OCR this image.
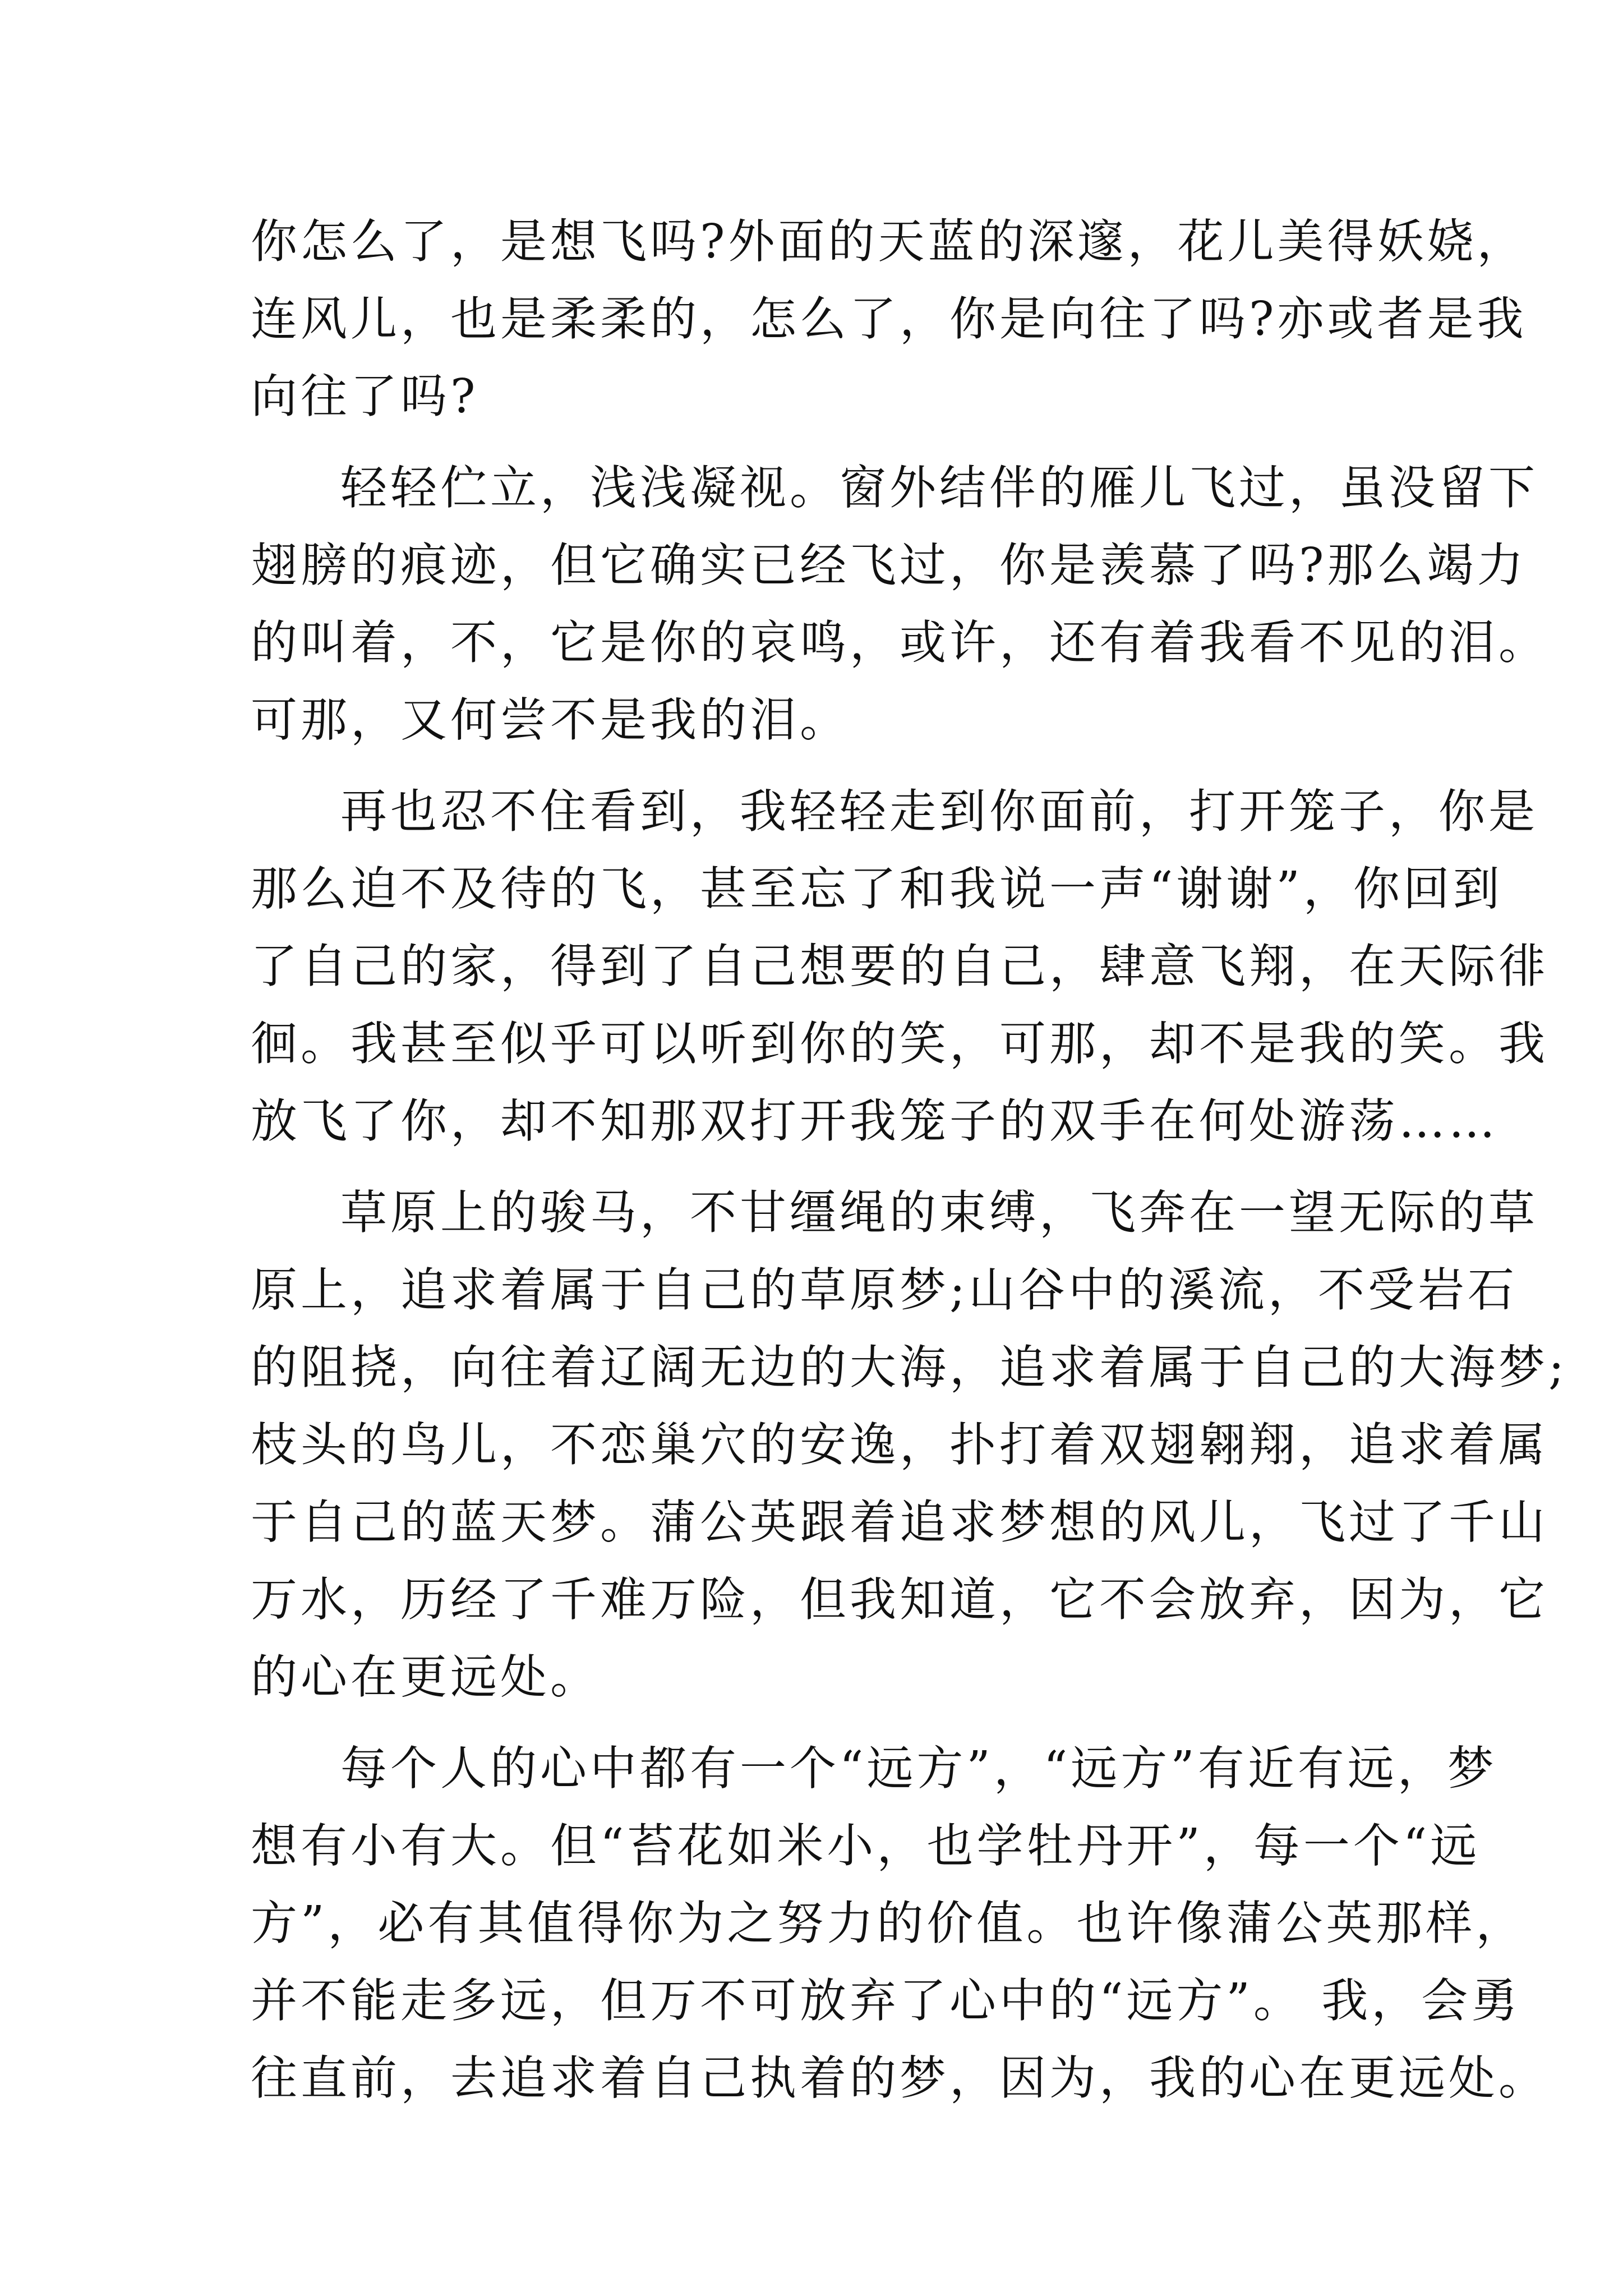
你怎么了，是想飞吗?外面的天蓝的深邃，花儿美得妖娆，
连风儿，也是柔柔的，怎么了，你是向往了吗?亦或者是我
向往了吗?
轻轻伫立，浅浅凝视。窗外结伴的雁儿飞过，虽没留下
翅膀的痕迹，但它确实已经飞过，你是羡慕了吗?那么竭力
的叫着，不，它是你的哀鸣，或许，还有着我看不见的泪。
可那，又何尝不是我的泪。
再也忍不住看到，我轻轻走到你面前，打开笼子，你是
那么迫不及待的飞，甚至忘了和我说一声“谢谢”，你回到
了自己的家，得到了自己想要的自己，肆意飞翔，在天际徘
徊。我甚至似乎可以听到你的笑，可那，却不是我的笑。我
放飞了你，却不知那双打开我笼子的双手在何处游荡……
草原上的骏马，不甘缰绳的束缚，飞奔在一望无际的草
原上，追求着属于自己的草原梦;山谷中的溪流，不受岩石
的阻挠，向往着辽阔无边的大海，追求着属于自己的大海梦;
枝头的鸟儿，不恋巢穴的安逸，扑打着双翅翱翔，追求着属
于自己的蓝天梦。蒲公英跟着追求梦想的风儿，飞过了千山
万水，历经了千难万险，但我知道，它不会放弃，因为，它
的心在更远处。
每个人的心中都有一个“远方”，“远方”有近有远，梦
想有小有大。但“苔花如米小，也学牡丹开”，每一个“远
方”，必有其值得你为之努力的价值。也许像蒲公英那样，
并不能走多远，但万不可放弃了心中的“远方”。 我，会勇
往直前，去追求着自己执着的梦，因为，我的心在更远处。
